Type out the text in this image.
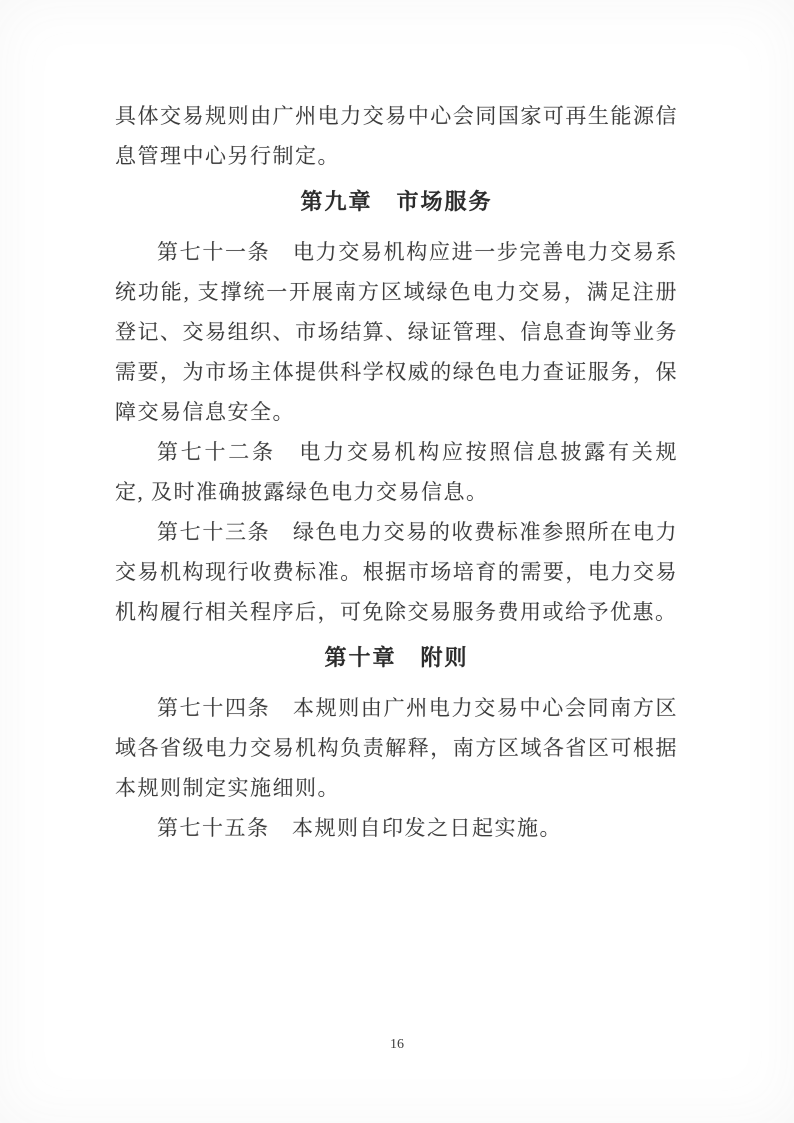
具体交易规则由广州电力交易中心会同国家可再生能源信息管理中心另行制定。

第九章　市场服务

第七十一条　电力交易机构应进一步完善电力交易系统功能, 支撑统一开展南方区域绿色电力交易，满足注册登记、交易组织、市场结算、绿证管理、信息查询等业务需要，为市场主体提供科学权威的绿色电力查证服务，保障交易信息安全。

第七十二条　电力交易机构应按照信息披露有关规定, 及时准确披露绿色电力交易信息。

第七十三条　绿色电力交易的收费标准参照所在电力交易机构现行收费标准。根据市场培育的需要，电力交易机构履行相关程序后，可免除交易服务费用或给予优惠。

第十章　附则

第七十四条　本规则由广州电力交易中心会同南方区域各省级电力交易机构负责解释，南方区域各省区可根据本规则制定实施细则。

第七十五条　本规则自印发之日起实施。

16
